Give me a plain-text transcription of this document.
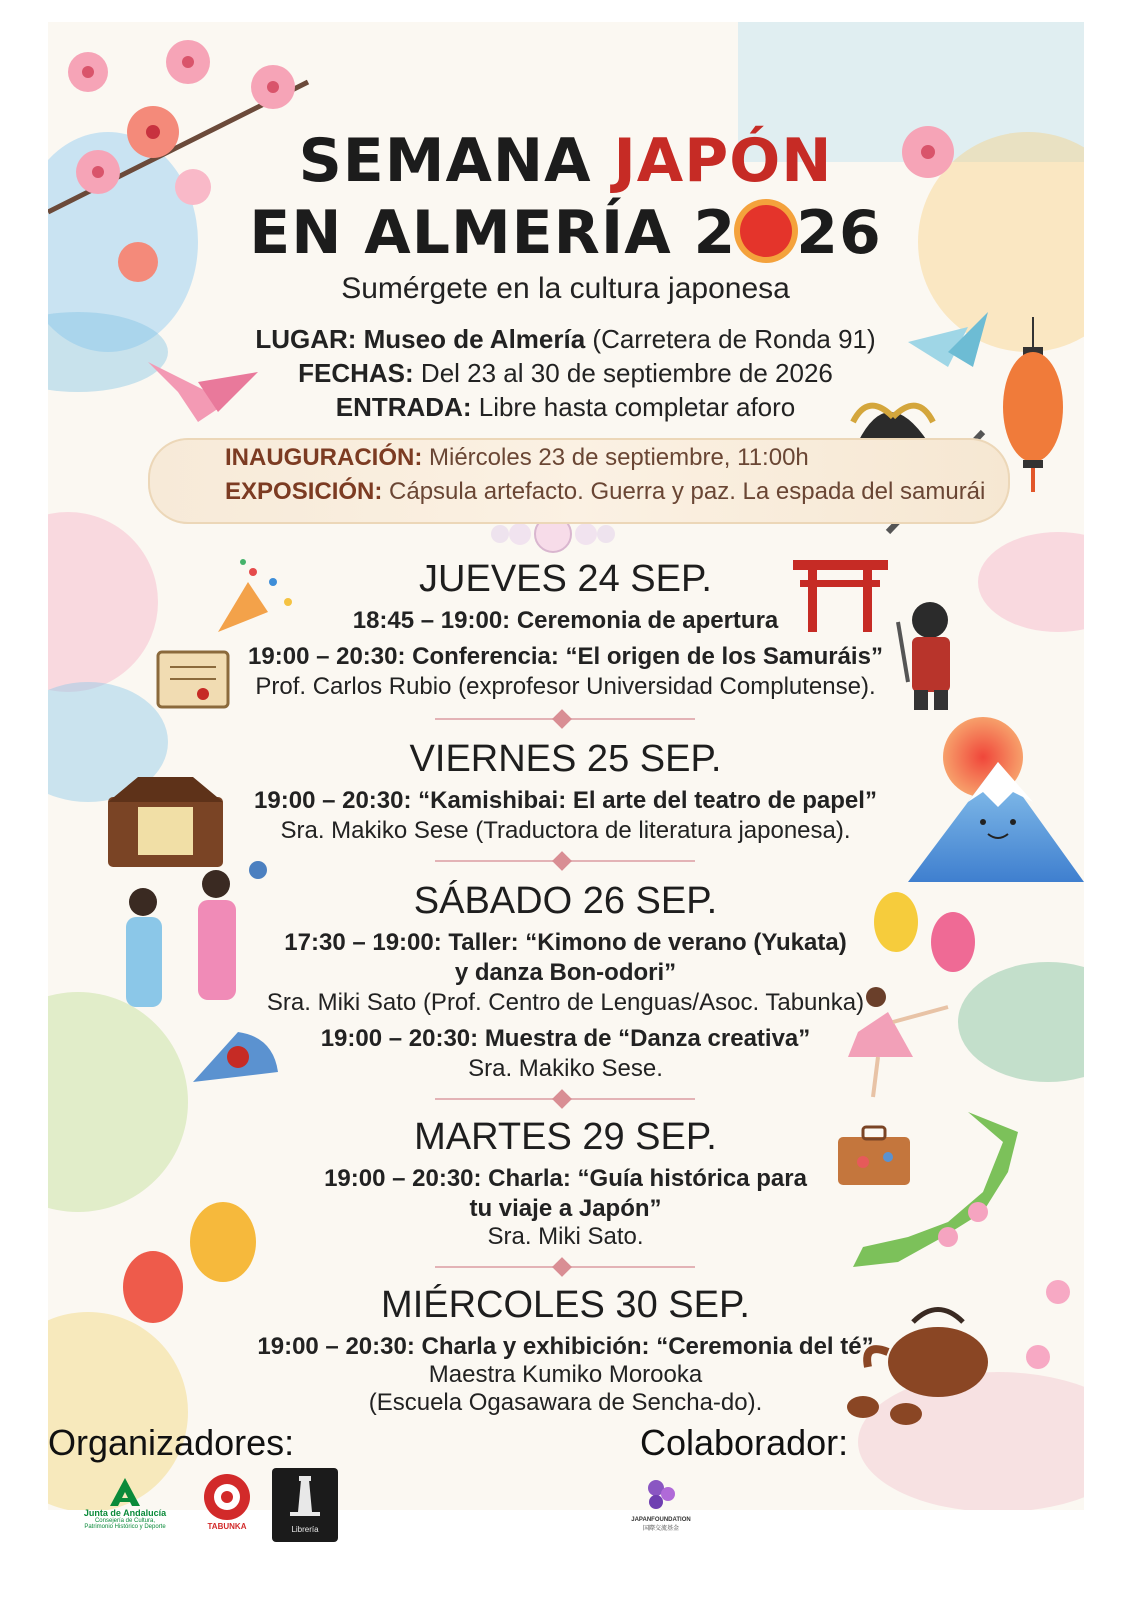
SEMANA JAPÓN
EN ALMERÍA 2 26
Sumérgete en la cultura japonesa
LUGAR: Museo de Almería (Carretera de Ronda 91)
FECHAS: Del 23 al 30 de septiembre de 2026
ENTRADA: Libre hasta completar aforo
INAUGURACIÓN: Miércoles 23 de septiembre, 11:00h
EXPOSICIÓN: Cápsula artefacto. Guerra y paz. La espada del samurái
JUEVES 24 SEP.
18:45 – 19:00: Ceremonia de apertura
19:00 – 20:30: Conferencia: “El origen de los Samuráis”
Prof. Carlos Rubio (exprofesor Universidad Complutense).
VIERNES 25 SEP.
19:00 – 20:30: “Kamishibai: El arte del teatro de papel”
Sra. Makiko Sese (Traductora de literatura japonesa).
SÁBADO 26 SEP.
17:30 – 19:00: Taller: “Kimono de verano (Yukata)
y danza Bon-odori”
Sra. Miki Sato (Prof. Centro de Lenguas/Asoc. Tabunka)
19:00 – 20:30: Muestra de “Danza creativa”
Sra. Makiko Sese.
MARTES 29 SEP.
19:00 – 20:30: Charla: “Guía histórica para
tu viaje a Japón”
Sra. Miki Sato.
MIÉRCOLES 30 SEP.
19:00 – 20:30: Charla y exhibición: “Ceremonia del té”
Maestra Kumiko Morooka
(Escuela Ogasawara de Sencha-do).
Organizadores:	Colaborador:
Junta de Andalucía
Consejería de Cultura,
Patrimonio Histórico y Deporte	TABUNKA	Librería
JAPANFOUNDATION
国際交流基金
